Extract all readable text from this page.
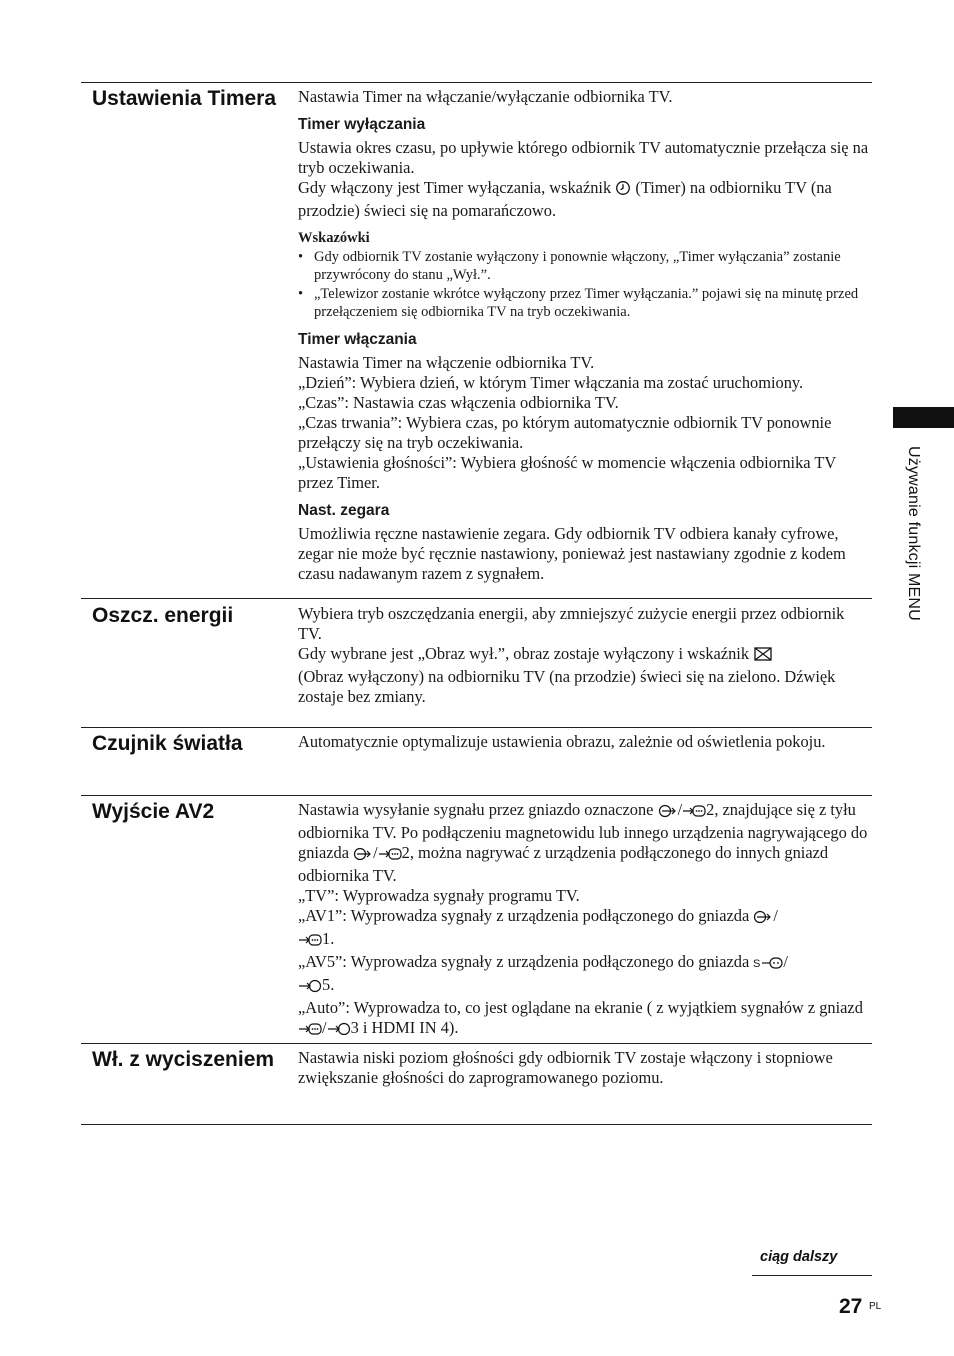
Ustawienia Timera	Nastawia Timer na włączanie/wyłączanie odbiornika TV.

Timer wyłączania

Ustawia okres czasu, po upływie którego odbiornik TV automatycznie przełącza się na tryb oczekiwania.

Gdy włączony jest Timer wyłączania, wskaźnik (Timer) na odbiorniku TV (na przodzie) świeci się na pomarańczowo.

Wskazówki
• Gdy odbiornik TV zostanie wyłączony i ponownie włączony, „Timer wyłączania” zostanie przywrócony do stanu „Wył.”.
• „Telewizor zostanie wkrótce wyłączony przez Timer wyłączania.” pojawi się na minutę przed przełączeniem się odbiornika TV na tryb oczekiwania.
Timer włączania

Nastawia Timer na włączenie odbiornika TV.

„Dzień”: Wybiera dzień, w którym Timer włączania ma zostać uruchomiony.

„Czas”: Nastawia czas włączenia odbiornika TV.

„Czas trwania”: Wybiera czas, po którym automatycznie odbiornik TV ponownie przełączy się na tryb oczekiwania.

„Ustawienia głośności”: Wybiera głośność w momencie włączenia odbiornika TV przez Timer.

Nast. zegara

Umożliwia ręczne nastawienie zegara. Gdy odbiornik TV odbiera kanały cyfrowe, zegar nie może być ręcznie nastawiony, ponieważ jest nastawiany zgodnie z kodem czasu nadawanym razem z sygnałem.

Oszcz. energii	Wybiera tryb oszczędzania energii, aby zmniejszyć zużycie energii przez odbiornik TV.

Gdy wybrane jest „Obraz wył.”, obraz zostaje wyłączony i wskaźnik
(Obraz wyłączony) na odbiorniku TV (na przodzie) świeci się na zielono. Dźwięk zostaje bez zmiany.

Czujnik światła	Automatycznie optymalizuje ustawienia obrazu, zależnie od oświetlenia pokoju.

Wyjście AV2	Nastawia wysyłanie sygnału przez gniazdo oznaczone / 2, znajdujące się z tyłu odbiornika TV. Po podłączeniu magnetowidu lub innego urządzenia nagrywającego do gniazda / 2, można nagrywać z urządzenia podłączonego do innych gniazd odbiornika TV.

„TV”: Wyprowadza sygnały programu TV.

„AV1”: Wyprowadza sygnały z urządzenia podłączonego do gniazda /
1.

„AV5”: Wyprowadza sygnały z urządzenia podłączonego do gniazda S /
5.

„Auto”: Wyprowadza to, co jest oglądane na ekranie ( z wyjątkiem sygnałów z gniazd / 3 i HDMI IN 4).

Wł. z wyciszeniem	Nastawia niski poziom głośności gdy odbiornik TV zostaje włączony i stopniowe zwiększanie głośności do zaprogramowanego poziomu.

Używanie funkcji MENU
ciąg dalszy
27 PL
